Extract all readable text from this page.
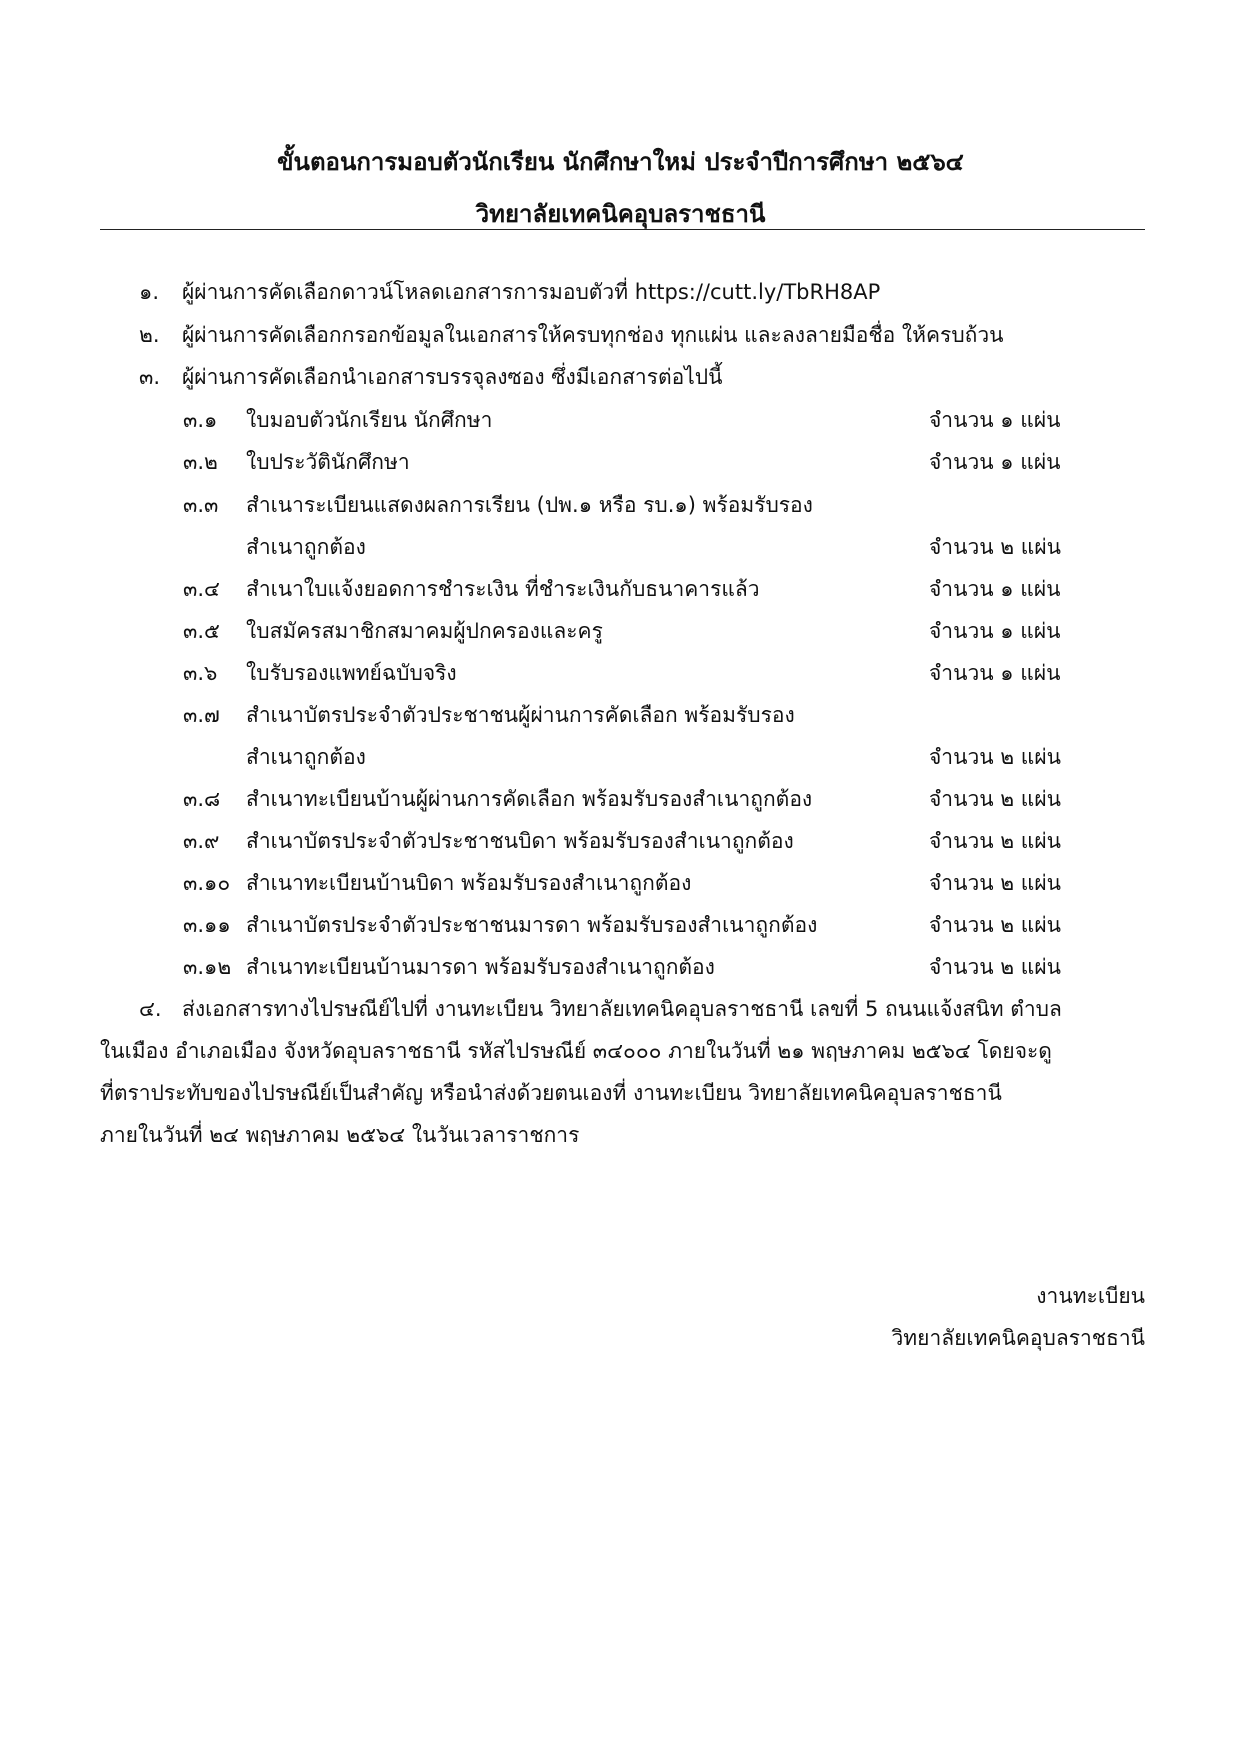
ขั้นตอนการมอบตัวนักเรียน นักศึกษาใหม่ ประจำปีการศึกษา ๒๕๖๔
วิทยาลัยเทคนิคอุบลราชธานี
๑. ผู้ผ่านการคัดเลือกดาวน์โหลดเอกสารการมอบตัวที่ https://cutt.ly/TbRH8AP
๒. ผู้ผ่านการคัดเลือกกรอกข้อมูลในเอกสารให้ครบทุกช่อง ทุกแผ่น และลงลายมือชื่อ ให้ครบถ้วน
๓. ผู้ผ่านการคัดเลือกนำเอกสารบรรจุลงซอง ซึ่งมีเอกสารต่อไปนี้
๓.๑ ใบมอบตัวนักเรียน นักศึกษา	จำนวน ๑ แผ่น
๓.๒ ใบประวัตินักศึกษา	จำนวน ๑ แผ่น
๓.๓ สำเนาระเบียนแสดงผลการเรียน (ปพ.๑ หรือ รบ.๑) พร้อมรับรอง
สำเนาถูกต้อง	จำนวน ๒ แผ่น
๓.๔ สำเนาใบแจ้งยอดการชำระเงิน ที่ชำระเงินกับธนาคารแล้ว	จำนวน ๑ แผ่น
๓.๕ ใบสมัครสมาชิกสมาคมผู้ปกครองและครู	จำนวน ๑ แผ่น
๓.๖ ใบรับรองแพทย์ฉบับจริง	จำนวน ๑ แผ่น
๓.๗ สำเนาบัตรประจำตัวประชาชนผู้ผ่านการคัดเลือก พร้อมรับรอง
สำเนาถูกต้อง	จำนวน ๒ แผ่น
๓.๘ สำเนาทะเบียนบ้านผู้ผ่านการคัดเลือก พร้อมรับรองสำเนาถูกต้อง	จำนวน ๒ แผ่น
๓.๙ สำเนาบัตรประจำตัวประชาชนบิดา พร้อมรับรองสำเนาถูกต้อง	จำนวน ๒ แผ่น
๓.๑๐ สำเนาทะเบียนบ้านบิดา พร้อมรับรองสำเนาถูกต้อง	จำนวน ๒ แผ่น
๓.๑๑ สำเนาบัตรประจำตัวประชาชนมารดา พร้อมรับรองสำเนาถูกต้อง	จำนวน ๒ แผ่น
๓.๑๒ สำเนาทะเบียนบ้านมารดา พร้อมรับรองสำเนาถูกต้อง	จำนวน ๒ แผ่น
๔. ส่งเอกสารทางไปรษณีย์ไปที่ งานทะเบียน วิทยาลัยเทคนิคอุบลราชธานี เลขที่ 5 ถนนแจ้งสนิท ตำบล
ในเมือง อำเภอเมือง จังหวัดอุบลราชธานี รหัสไปรษณีย์ ๓๔๐๐๐ ภายในวันที่ ๒๑ พฤษภาคม ๒๕๖๔ โดยจะดู
ที่ตราประทับของไปรษณีย์เป็นสำคัญ หรือนำส่งด้วยตนเองที่ งานทะเบียน วิทยาลัยเทคนิคอุบลราชธานี
ภายในวันที่ ๒๔ พฤษภาคม ๒๕๖๔ ในวันเวลาราชการ
งานทะเบียน
วิทยาลัยเทคนิคอุบลราชธานี
